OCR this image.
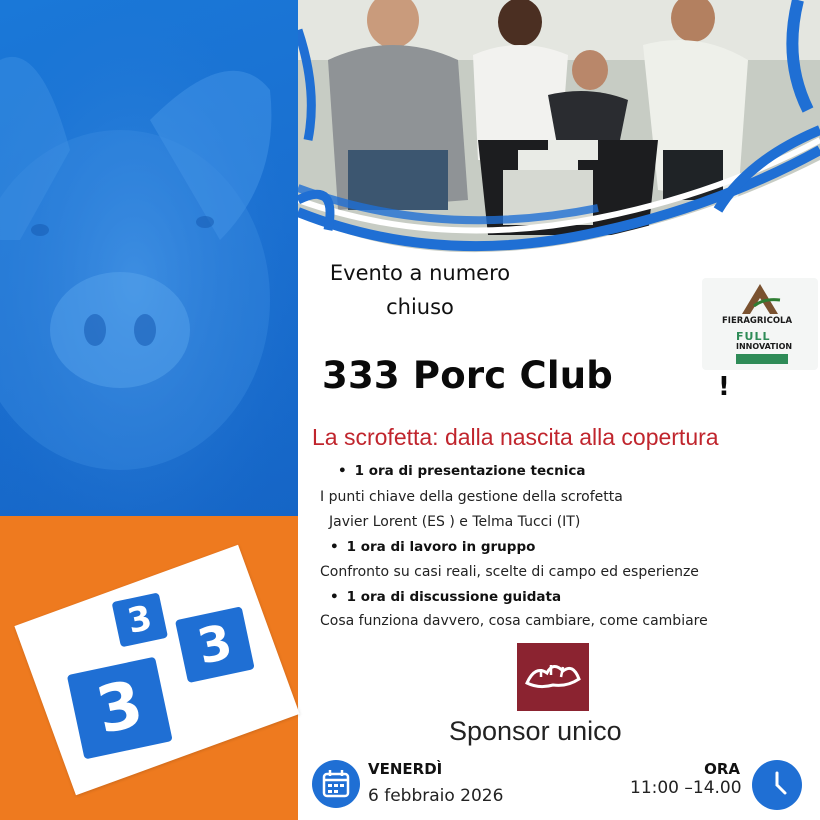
3
3
3
Evento a numero
chiuso
FIERAGRICOLA
FULL
INNOVATION
333 Porc Club	!
La scrofetta: dalla nascita alla copertura
• 1 ora di presentazione tecnica
I punti chiave della gestione della scrofetta
Javier Lorent (ES ) e Telma Tucci (IT)
• 1 ora di lavoro in gruppo
Confronto su casi reali, scelte di campo ed esperienze
• 1 ora di discussione guidata
Cosa funziona davvero, cosa cambiare, come cambiare
Sponsor unico
VENERDÌ
6 febbraio 2026
ORA
11:00 –14.00
